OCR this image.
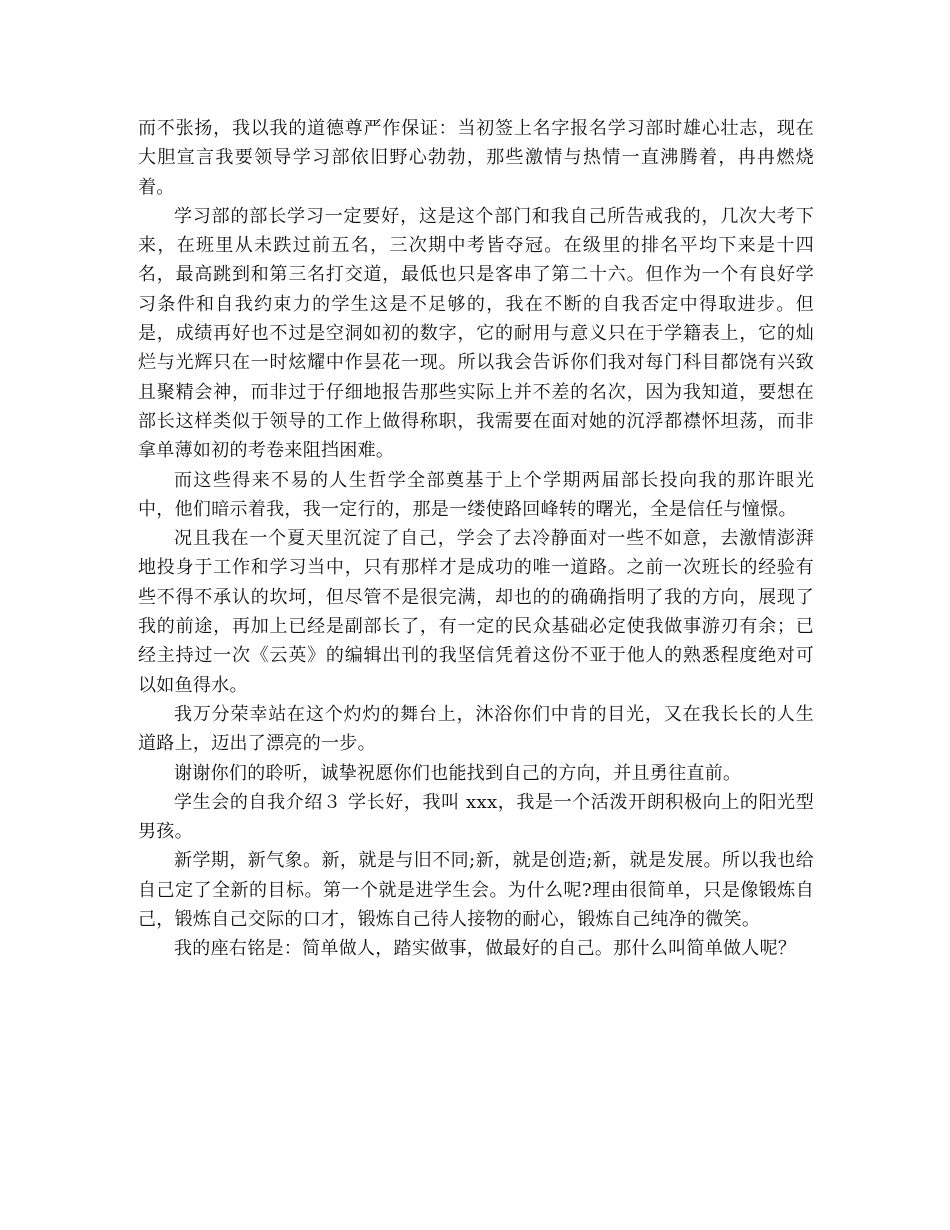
而不张扬，我以我的道德尊严作保证：当初签上名字报名学习部时雄心壮志，现在大胆宣言我要领导学习部依旧野心勃勃，那些激情与热情一直沸腾着，冉冉燃烧着。

学习部的部长学习一定要好，这是这个部门和我自己所告戒我的，几次大考下来，在班里从未跌过前五名，三次期中考皆夺冠。在级里的排名平均下来是十四名，最高跳到和第三名打交道，最低也只是客串了第二十六。但作为一个有良好学习条件和自我约束力的学生这是不足够的，我在不断的自我否定中得取进步。但是，成绩再好也不过是空洞如初的数字，它的耐用与意义只在于学籍表上，它的灿烂与光辉只在一时炫耀中作昙花一现。所以我会告诉你们我对每门科目都饶有兴致且聚精会神，而非过于仔细地报告那些实际上并不差的名次，因为我知道，要想在部长这样类似于领导的工作上做得称职，我需要在面对她的沉浮都襟怀坦荡，而非拿单薄如初的考卷来阻挡困难。

而这些得来不易的人生哲学全部奠基于上个学期两届部长投向我的那许眼光中，他们暗示着我，我一定行的，那是一缕使路回峰转的曙光，全是信任与憧憬。

况且我在一个夏天里沉淀了自己，学会了去冷静面对一些不如意，去激情澎湃地投身于工作和学习当中，只有那样才是成功的唯一道路。之前一次班长的经验有些不得不承认的坎坷，但尽管不是很完满，却也的的确确指明了我的方向，展现了我的前途，再加上已经是副部长了，有一定的民众基础必定使我做事游刃有余；已经主持过一次《云英》的编辑出刊的我坚信凭着这份不亚于他人的熟悉程度绝对可以如鱼得水。

我万分荣幸站在这个灼灼的舞台上，沐浴你们中肯的目光，又在我长长的人生道路上，迈出了漂亮的一步。

谢谢你们的聆听，诚挚祝愿你们也能找到自己的方向，并且勇往直前。

学生会的自我介绍３ 学长好，我叫 xxx，我是一个活泼开朗积极向上的阳光型男孩。

新学期，新气象。新，就是与旧不同;新，就是创造;新，就是发展。所以我也给自己定了全新的目标。第一个就是进学生会。为什么呢?理由很简单，只是像锻炼自己，锻炼自己交际的口才，锻炼自己待人接物的耐心，锻炼自己纯净的微笑。

我的座右铭是：简单做人，踏实做事，做最好的自己。那什么叫简单做人呢？
